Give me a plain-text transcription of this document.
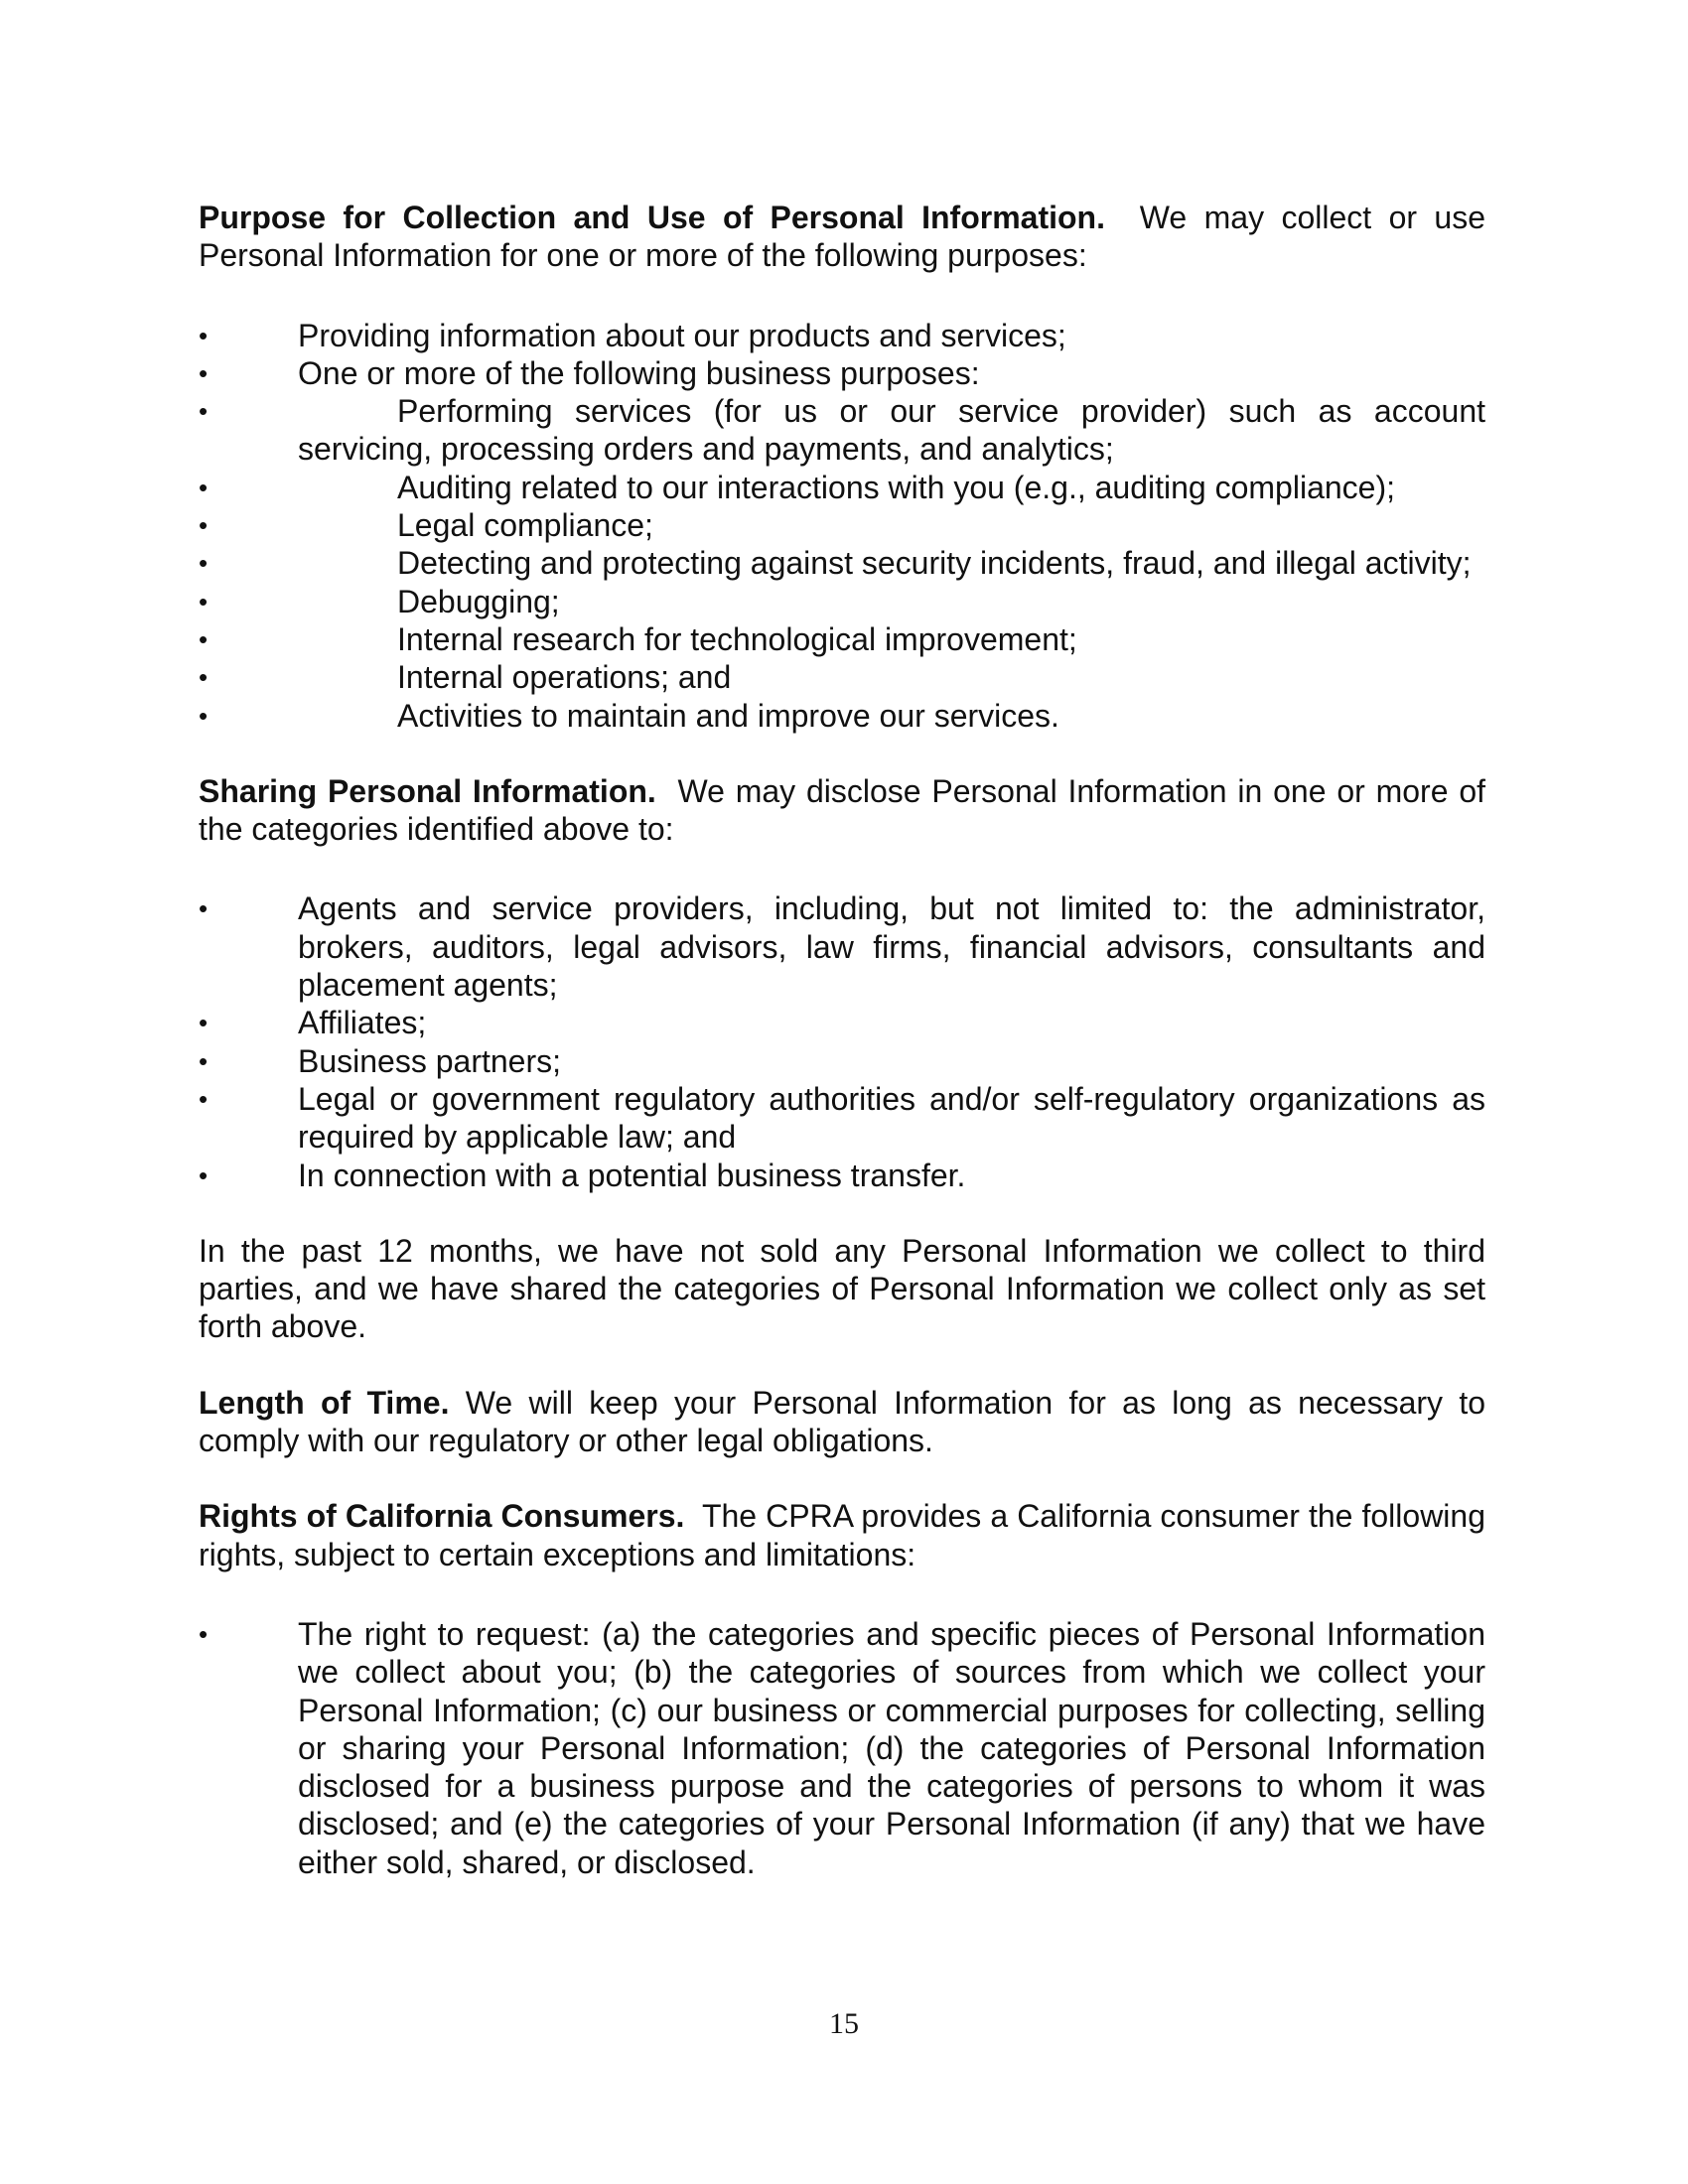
Purpose for Collection and Use of Personal Information. We may collect or use Personal Information for one or more of the following purposes:

• Providing information about our products and services;
• One or more of the following business purposes:
• Performing services (for us or our service provider) such as account servicing, processing orders and payments, and analytics;
• Auditing related to our interactions with you (e.g., auditing compliance);
• Legal compliance;
• Detecting and protecting against security incidents, fraud, and illegal activity;
• Debugging;
• Internal research for technological improvement;
• Internal operations; and
• Activities to maintain and improve our services.

Sharing Personal Information. We may disclose Personal Information in one or more of the categories identified above to:

• Agents and service providers, including, but not limited to: the administrator, brokers, auditors, legal advisors, law firms, financial advisors, consultants and placement agents;
• Affiliates;
• Business partners;
• Legal or government regulatory authorities and/or self-regulatory organizations as required by applicable law; and
• In connection with a potential business transfer.

In the past 12 months, we have not sold any Personal Information we collect to third parties, and we have shared the categories of Personal Information we collect only as set forth above.

Length of Time. We will keep your Personal Information for as long as necessary to comply with our regulatory or other legal obligations.

Rights of California Consumers. The CPRA provides a California consumer the following rights, subject to certain exceptions and limitations:

• The right to request: (a) the categories and specific pieces of Personal Information we collect about you; (b) the categories of sources from which we collect your Personal Information; (c) our business or commercial purposes for collecting, selling or sharing your Personal Information; (d) the categories of Personal Information disclosed for a business purpose and the categories of persons to whom it was disclosed; and (e) the categories of your Personal Information (if any) that we have either sold, shared, or disclosed.
15
